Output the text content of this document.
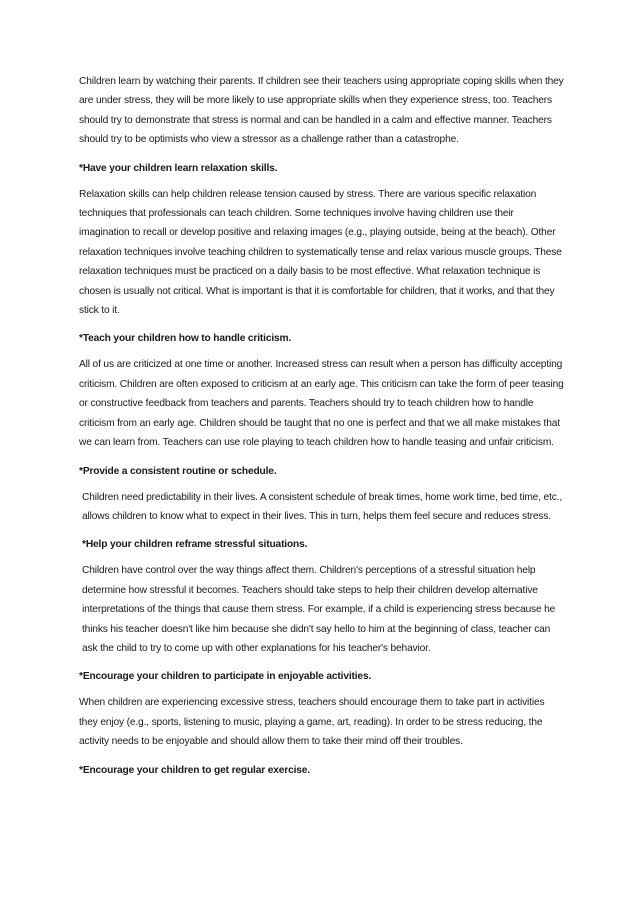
Children learn by watching their parents. If children see their teachers using appropriate coping skills when they are under stress, they will be more likely to use appropriate skills when they experience stress, too. Teachers should try to demonstrate that stress is normal and can be handled in a calm and effective manner. Teachers should try to be optimists who view a stressor as a challenge rather than a catastrophe.

*Have your children learn relaxation skills.

Relaxation skills can help children release tension caused by stress. There are various specific relaxation techniques that professionals can teach children. Some techniques involve having children use their imagination to recall or develop positive and relaxing images (e.g., playing outside, being at the beach). Other relaxation techniques involve teaching children to systematically tense and relax various muscle groups. These relaxation techniques must be practiced on a daily basis to be most effective. What relaxation technique is chosen is usually not critical. What is important is that it is comfortable for children, that it works, and that they stick to it.

*Teach your children how to handle criticism.

All of us are criticized at one time or another. Increased stress can result when a person has difficulty accepting criticism. Children are often exposed to criticism at an early age. This criticism can take the form of peer teasing or constructive feedback from teachers and parents. Teachers should try to teach children how to handle criticism from an early age. Children should be taught that no one is perfect and that we all make mistakes that we can learn from. Teachers can use role playing to teach children how to handle teasing and unfair criticism.

*Provide a consistent routine or schedule.

Children need predictability in their lives. A consistent schedule of break times, home work time, bed time, etc., allows children to know what to expect in their lives. This in turn, helps them feel secure and reduces stress.

*Help your children reframe stressful situations.

Children have control over the way things affect them. Children's perceptions of a stressful situation help determine how stressful it becomes. Teachers should take steps to help their children develop alternative interpretations of the things that cause them stress. For example, if a child is experiencing stress because he thinks his teacher doesn't like him because she didn't say hello to him at the beginning of class, teacher can ask the child to try to come up with other explanations for his teacher's behavior.

*Encourage your children to participate in enjoyable activities.

When children are experiencing excessive stress, teachers should encourage them to take part in activities they enjoy (e.g., sports, listening to music, playing a game, art, reading). In order to be stress reducing, the activity needs to be enjoyable and should allow them to take their mind off their troubles.

*Encourage your children to get regular exercise.
